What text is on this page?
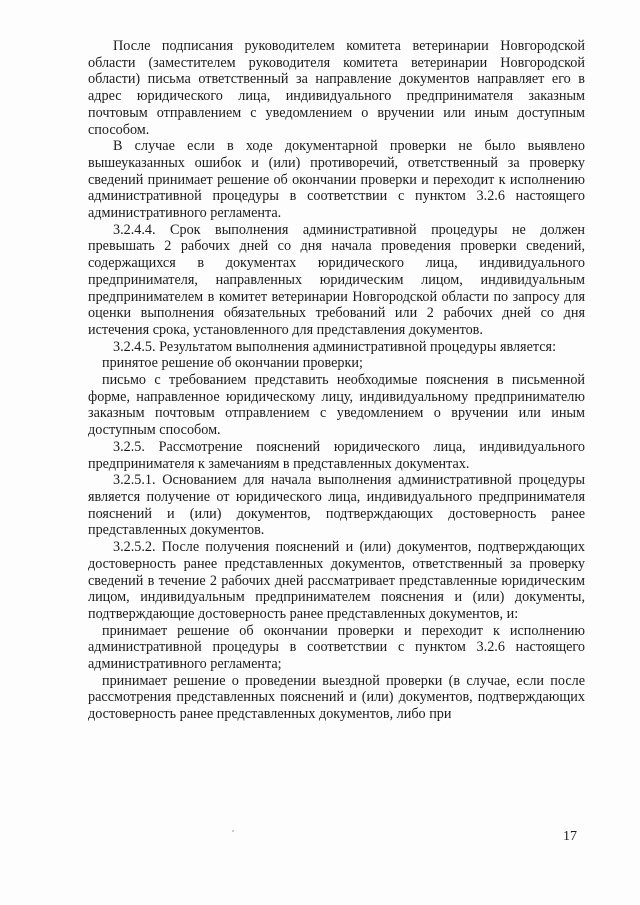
После подписания руководителем комитета ветеринарии Новгородской области (заместителем руководителя комитета ветеринарии Новгородской области) письма ответственный за направление документов направляет его в адрес юридического лица, индивидуального предпринимателя заказным почтовым отправлением с уведомлением о вручении или иным доступным способом.

В случае если в ходе документарной проверки не было выявлено вышеуказанных ошибок и (или) противоречий, ответственный за проверку сведений принимает решение об окончании проверки и переходит к исполнению административной процедуры в соответствии с пунктом 3.2.6 настоящего административного регламента.

3.2.4.4. Срок выполнения административной процедуры не должен превышать 2 рабочих дней со дня начала проведения проверки сведений, содержащихся в документах юридического лица, индивидуального предпринимателя, направленных юридическим лицом, индивидуальным предпринимателем в комитет ветеринарии Новгородской области по запросу для оценки выполнения обязательных требований или 2 рабочих дней со дня истечения срока, установленного для представления документов.

3.2.4.5. Результатом выполнения административной процедуры является:

принятое решение об окончании проверки;

письмо с требованием представить необходимые пояснения в письменной форме, направленное юридическому лицу, индивидуальному предпринимателю заказным почтовым отправлением с уведомлением о вручении или иным доступным способом.

3.2.5. Рассмотрение пояснений юридического лица, индивидуального предпринимателя к замечаниям в представленных документах.

3.2.5.1. Основанием для начала выполнения административной процедуры является получение от юридического лица, индивидуального предпринимателя пояснений и (или) документов, подтверждающих достоверность ранее представленных документов.

3.2.5.2. После получения пояснений и (или) документов, подтверждающих достоверность ранее представленных документов, ответственный за проверку сведений в течение 2 рабочих дней рассматривает представленные юридическим лицом, индивидуальным предпринимателем пояснения и (или) документы, подтверждающие достоверность ранее представленных документов, и:

принимает решение об окончании проверки и переходит к исполнению административной процедуры в соответствии с пунктом 3.2.6 настоящего административного регламента;

принимает решение о проведении выездной проверки (в случае, если после рассмотрения представленных пояснений и (или) документов, подтверждающих достоверность ранее представленных документов, либо при

17
